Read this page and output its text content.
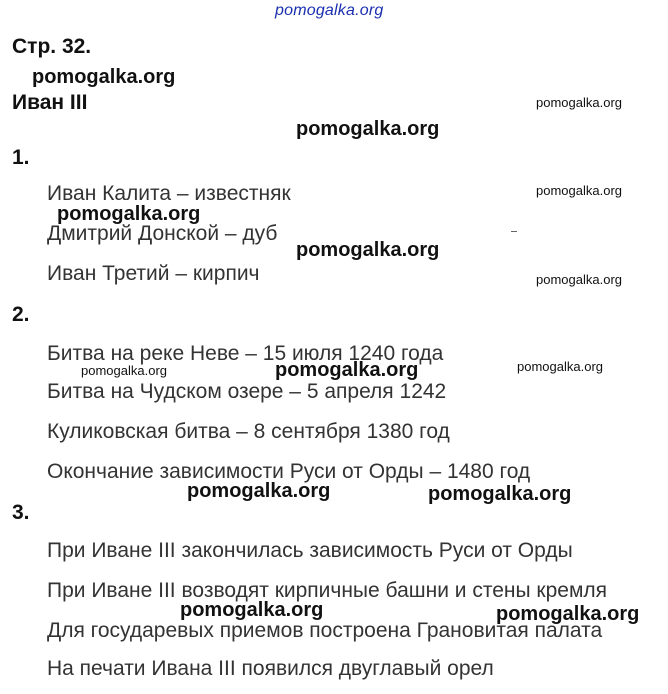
pomogalka.org
Стр. 32.
Иван III
1.
Иван Калита – известняк
Дмитрий Донской – дуб
Иван Третий – кирпич
2.
Битва на реке Неве – 15 июля 1240 года
Битва на Чудском озере – 5 апреля 1242
Куликовская битва – 8 сентября 1380 год
Окончание зависимости Руси от Орды – 1480 год
3.
При Иване III закончилась зависимость Руси от Орды
При Иване III возводят кирпичные башни и стены кремля
Для государевых приемов построена Грановитая палата
На печати Ивана III появился двуглавый орел
pomogalka.org
pomogalka.org
pomogalka.org
pomogalka.org
pomogalka.org
pomogalka.org	pomogalka.org
pomogalka.org	pomogalka.org
pomogalka.org
pomogalka.org
pomogalka.org
pomogalka.org
pomogalka.org
